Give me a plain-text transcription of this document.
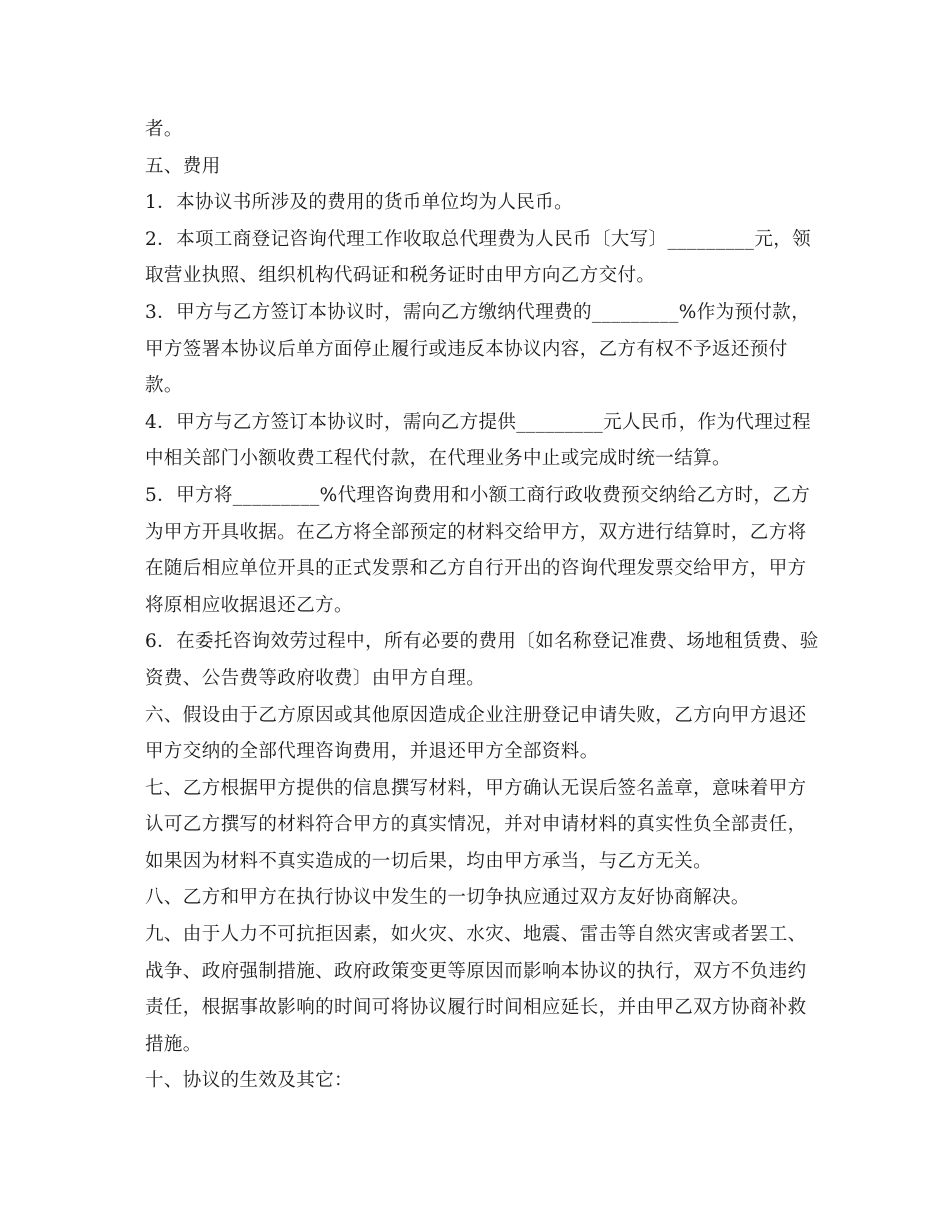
者。

五、费用

1．本协议书所涉及的费用的货币单位均为人民币。

2．本项工商登记咨询代理工作收取总代理费为人民币〔大写〕_________元，领
取营业执照、组织机构代码证和税务证时由甲方向乙方交付。

3．甲方与乙方签订本协议时，需向乙方缴纳代理费的_________%作为预付款，
甲方签署本协议后单方面停止履行或违反本协议内容，乙方有权不予返还预付
款。

4．甲方与乙方签订本协议时，需向乙方提供_________元人民币，作为代理过程
中相关部门小额收费工程代付款，在代理业务中止或完成时统一结算。

5．甲方将_________%代理咨询费用和小额工商行政收费预交纳给乙方时，乙方
为甲方开具收据。在乙方将全部预定的材料交给甲方，双方进行结算时，乙方将
在随后相应单位开具的正式发票和乙方自行开出的咨询代理发票交给甲方，甲方
将原相应收据退还乙方。

6．在委托咨询效劳过程中，所有必要的费用〔如名称登记准费、场地租赁费、验
资费、公告费等政府收费〕由甲方自理。

六、假设由于乙方原因或其他原因造成企业注册登记申请失败，乙方向甲方退还
甲方交纳的全部代理咨询费用，并退还甲方全部资料。

七、乙方根据甲方提供的信息撰写材料，甲方确认无误后签名盖章，意味着甲方
认可乙方撰写的材料符合甲方的真实情况，并对申请材料的真实性负全部责任，
如果因为材料不真实造成的一切后果，均由甲方承当，与乙方无关。

八、乙方和甲方在执行协议中发生的一切争执应通过双方友好协商解决。

九、由于人力不可抗拒因素，如火灾、水灾、地震、雷击等自然灾害或者罢工、
战争、政府强制措施、政府政策变更等原因而影响本协议的执行，双方不负违约
责任，根据事故影响的时间可将协议履行时间相应延长，并由甲乙双方协商补救
措施。

十、协议的生效及其它：
